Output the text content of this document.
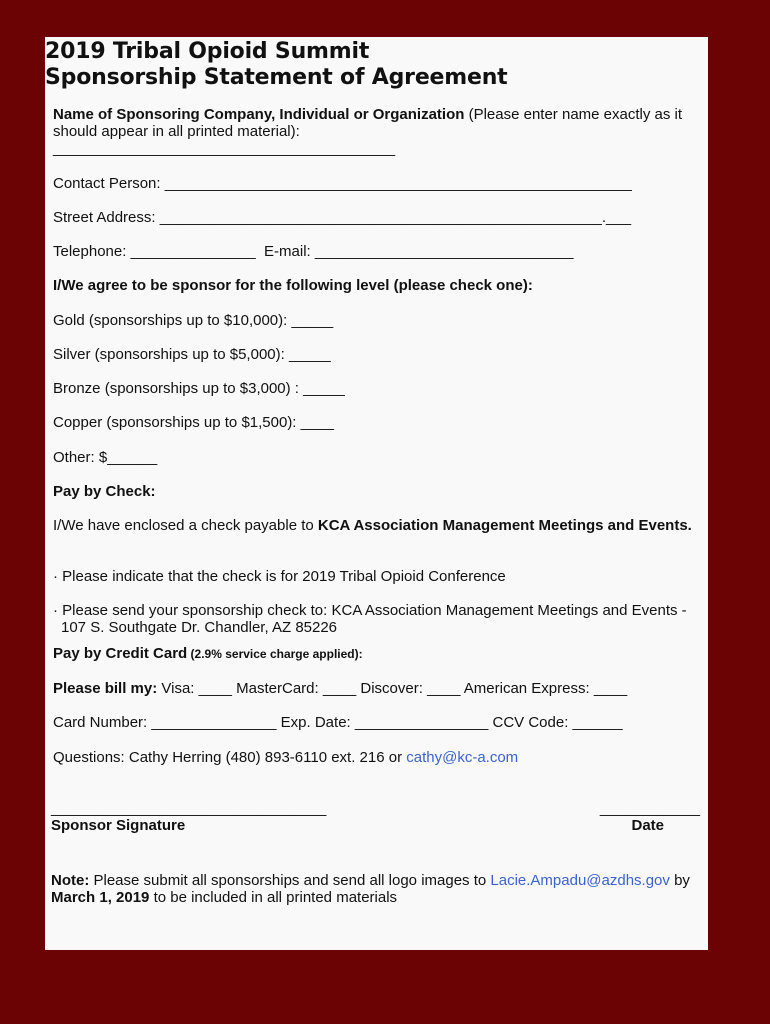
2019 Tribal Opioid Summit
Sponsorship Statement of Agreement
Name of Sponsoring Company, Individual or Organization (Please enter name exactly as it should appear in all printed material):
_________________________________________
Contact Person: ________________________________________________________
Street Address: _____________________________________________________.___
Telephone: _______________  E-mail: _______________________________
I/We agree to be sponsor for the following level (please check one):
Gold (sponsorships up to $10,000): _____
Silver (sponsorships up to $5,000): _____
Bronze (sponsorships up to $3,000) : _____
Copper (sponsorships up to $1,500): ____
Other: $______
Pay by Check:
I/We have enclosed a check payable to KCA Association Management Meetings and Events.
· Please indicate that the check is for 2019 Tribal Opioid Conference
· Please send your sponsorship check to: KCA Association Management Meetings and Events - 107 S. Southgate Dr. Chandler, AZ 85226
Pay by Credit Card (2.9% service charge applied):
Please bill my: Visa: ____ MasterCard: ____ Discover: ____ American Express: ____
Card Number: _______________ Exp. Date: ________________ CCV Code: ______
Questions: Cathy Herring (480) 893-6110 ext. 216 or cathy@kc-a.com
_________________________________
Sponsor Signature
____________
Date
Note: Please submit all sponsorships and send all logo images to Lacie.Ampadu@azdhs.gov by March 1, 2019 to be included in all printed materials
